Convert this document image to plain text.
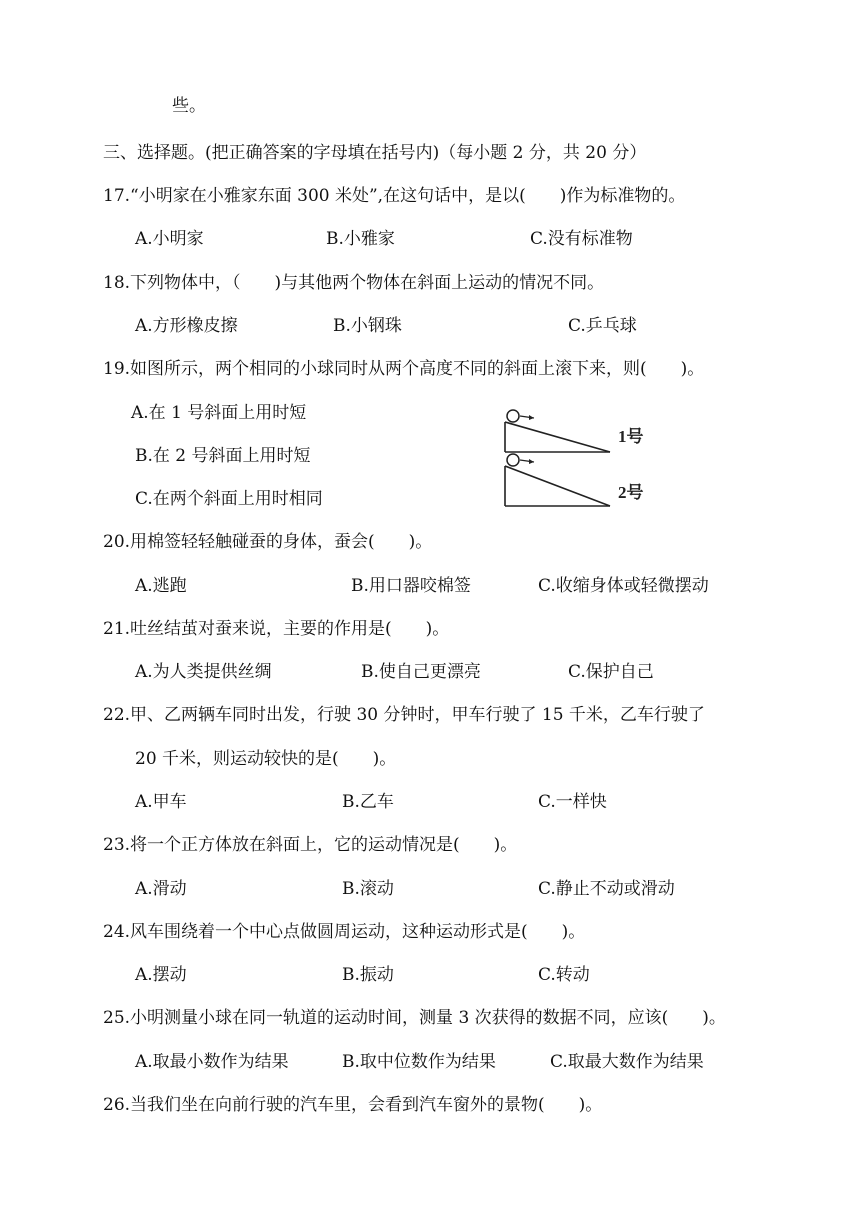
些。
三、选择题。(把正确答案的字母填在括号内)（每小题 2 分，共 20 分）
17.“小明家在小雅家东面 300 米处”,在这句话中，是以(　　)作为标准物的。
A.小明家	B.小雅家	C.没有标准物
18.下列物体中，（　　)与其他两个物体在斜面上运动的情况不同。
A.方形橡皮擦	B.小钢珠	C.乒乓球
19.如图所示，两个相同的小球同时从两个高度不同的斜面上滚下来，则(　　)。
A.在 1 号斜面上用时短
B.在 2 号斜面上用时短
C.在两个斜面上用时相同
1号
2号
20.用棉签轻轻触碰蚕的身体，蚕会(　　)。
A.逃跑	B.用口器咬棉签	C.收缩身体或轻微摆动
21.吐丝结茧对蚕来说，主要的作用是(　　)。
A.为人类提供丝绸	B.使自己更漂亮	C.保护自己
22.甲、乙两辆车同时出发，行驶 30 分钟时，甲车行驶了 15 千米，乙车行驶了
20 千米，则运动较快的是(　　)。
A.甲车	B.乙车	C.一样快
23.将一个正方体放在斜面上，它的运动情况是(　　)。
A.滑动	B.滚动	C.静止不动或滑动
24.风车围绕着一个中心点做圆周运动，这种运动形式是(　　)。
A.摆动	B.振动	C.转动
25.小明测量小球在同一轨道的运动时间，测量 3 次获得的数据不同，应该(　　)。
A.取最小数作为结果	B.取中位数作为结果	C.取最大数作为结果
26.当我们坐在向前行驶的汽车里，会看到汽车窗外的景物(　　)。
